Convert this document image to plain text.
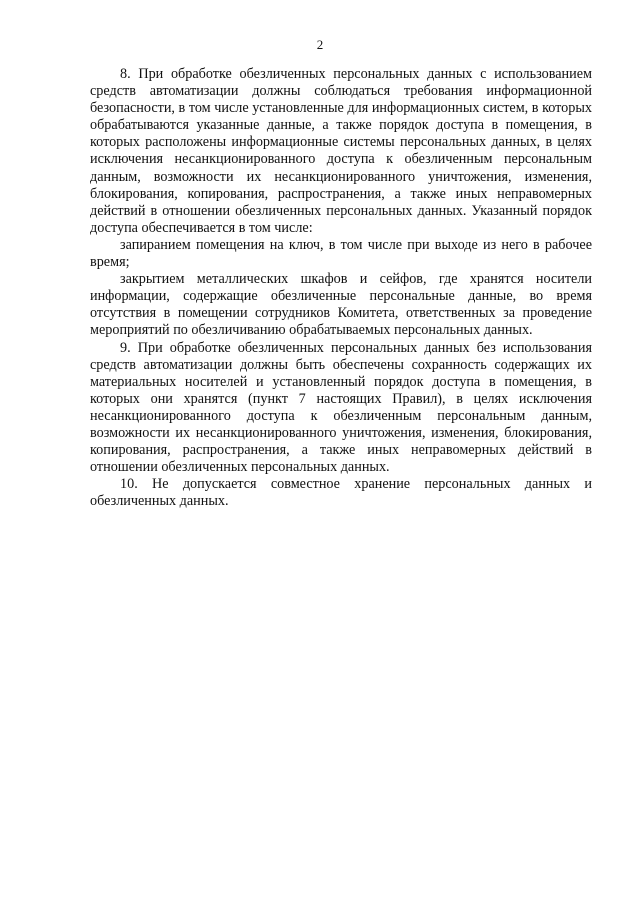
2

8. При обработке обезличенных персональных данных с использованием средств автоматизации должны соблюдаться требования информационной безопасности, в том числе установленные для информационных систем, в которых обрабатываются указанные данные, а также порядок доступа в помещения, в которых расположены информационные системы персональных данных, в целях исключения несанкционированного доступа к обезличенным персональным данным, возможности их несанкционированного уничтожения, изменения, блокирования, копирования, распространения, а также иных неправомерных действий в отношении обезличенных персональных данных. Указанный порядок доступа обеспечивается в том числе:

запиранием помещения на ключ, в том числе при выходе из него в рабочее время;

закрытием металлических шкафов и сейфов, где хранятся носители информации, содержащие обезличенные персональные данные, во время отсутствия в помещении сотрудников Комитета, ответственных за проведение мероприятий по обезличиванию обрабатываемых персональных данных.

9. При обработке обезличенных персональных данных без использования средств автоматизации должны быть обеспечены сохранность содержащих их материальных носителей и установленный порядок доступа в помещения, в которых они хранятся (пункт 7 настоящих Правил), в целях исключения несанкционированного доступа к обезличенным персональным данным, возможности их несанкционированного уничтожения, изменения, блокирования, копирования, распространения, а также иных неправомерных действий в отношении обезличенных персональных данных.

10. Не допускается совместное хранение персональных данных и обезличенных данных.
